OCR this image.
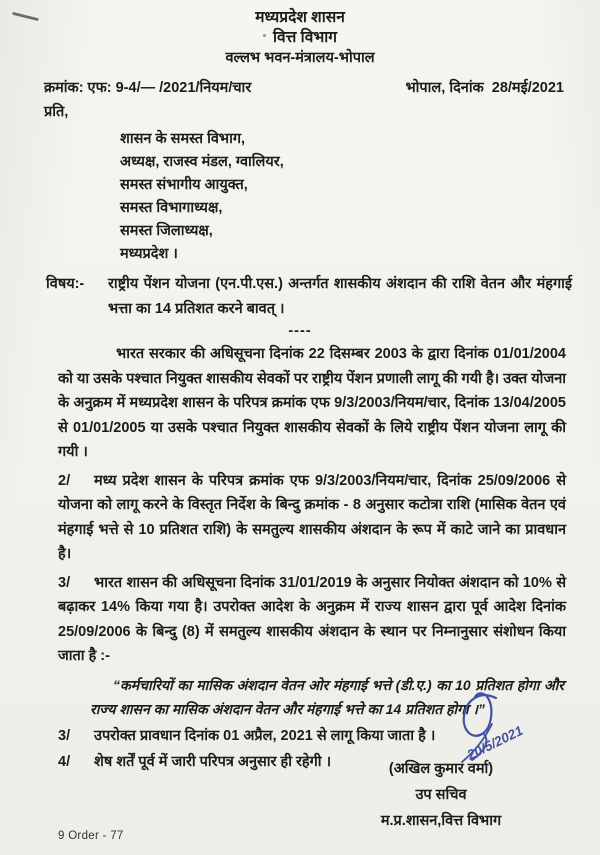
मध्यप्रदेश शासन
वित्त विभाग
वल्लभ भवन-मंत्रालय-भोपाल
क्रमांक: एफ: 9-4/— /2021/नियम/चार	भोपाल, दिनांक  28/मई/2021
प्रति,
शासन के समस्त विभाग,
अध्यक्ष, राजस्व मंडल, ग्वालियर,
समस्त संभागीय आयुक्त,
समस्त विभागाध्यक्ष,
समस्त जिलाध्यक्ष,
मध्यप्रदेश ।
विषय:-	राष्ट्रीय पेंशन योजना (एन.पी.एस.) अन्तर्गत शासकीय अंशदान की राशि वेतन और मंहगाई भत्ता का 14 प्रतिशत करने बावत् ।
----

भारत सरकार की अधिसूचना दिनांक 22 दिसम्बर 2003 के द्वारा दिनांक 01/01/2004 को या उसके पश्चात नियुक्त शासकीय सेवकों पर राष्ट्रीय पेंशन प्रणाली लागू की गयी है। उक्त योजना के अनुक्रम में मध्यप्रदेश शासन के परिपत्र क्रमांक एफ 9/3/2003/नियम/चार, दिनांक 13/04/2005 से 01/01/2005 या उसके पश्चात नियुक्त शासकीय सेवकों के लिये राष्ट्रीय पेंशन योजना लागू की गयी ।

2/ मध्य प्रदेश शासन के परिपत्र क्रमांक एफ 9/3/2003/नियम/चार, दिनांक 25/09/2006 से योजना को लागू करने के विस्तृत निर्देश के बिन्दु क्रमांक - 8 अनुसार कटोत्रा राशि (मासिक वेतन एवं मंहगाई भत्ते से 10 प्रतिशत राशि) के समतुल्य शासकीय अंशदान के रूप में काटे जाने का प्रावधान है।

3/ भारत शासन की अधिसूचना दिनांक 31/01/2019 के अनुसार नियोक्त अंशदान को 10% से बढ़ाकर 14% किया गया है। उपरोक्त आदेश के अनुक्रम में राज्य शासन द्वारा पूर्व आदेश दिनांक 25/09/2006 के बिन्दु (8) में समतुल्य शासकीय अंशदान के स्थान पर निम्नानुसार संशोधन किया जाता है :-

“कर्मचारियों का मासिक अंशदान वेतन ओर मंहगाई भत्ते (डी.ए.) का 10 प्रतिशत होगा और राज्य शासन का मासिक अंशदान वेतन और मंहगाई भत्ते का 14 प्रतिशत होगा ।”
3/ उपरोक्त प्रावधान दिनांक 01 अप्रैल, 2021 से लागू किया जाता है ।
4/ शेष शर्तें पूर्व में जारी परिपत्र अनुसार ही रहेगी ।	20/5/2021
(अखिल कुमार वर्मा)
उप सचिव
म.प्र.शासन,वित्त विभाग
9 Order - 77
